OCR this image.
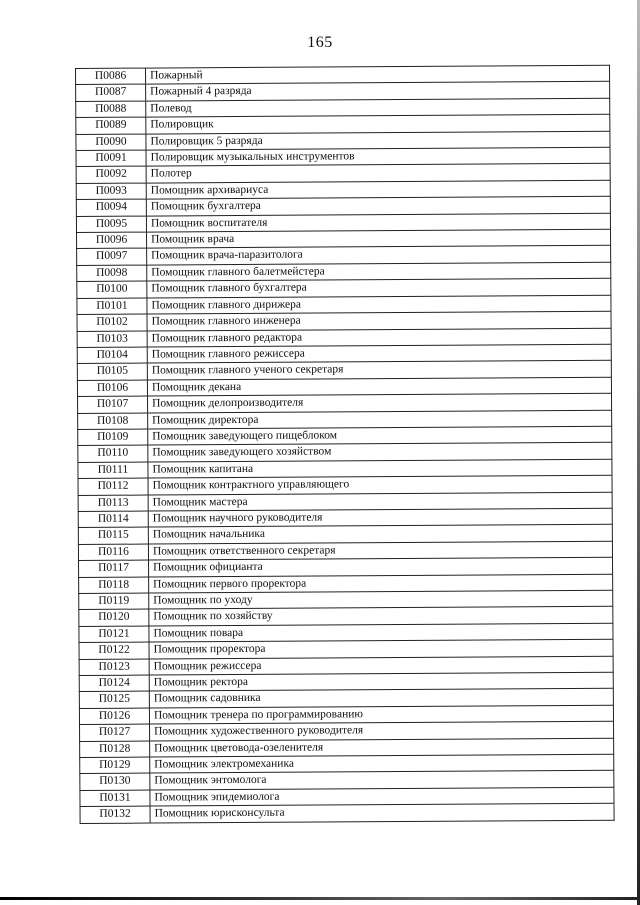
165
П0086	Пожарный
П0087	Пожарный 4 разряда
П0088	Полевод
П0089	Полировщик
П0090	Полировщик 5 разряда
П0091	Полировщик музыкальных инструментов
П0092	Полотер
П0093	Помощник архивариуса
П0094	Помощник бухгалтера
П0095	Помощник воспитателя
П0096	Помощник врача
П0097	Помощник врача-паразитолога
П0098	Помощник главного балетмейстера
П0100	Помощник главного бухгалтера
П0101	Помощник главного дирижера
П0102	Помощник главного инженера
П0103	Помощник главного редактора
П0104	Помощник главного режиссера
П0105	Помощник главного ученого секретаря
П0106	Помощник декана
П0107	Помощник делопроизводителя
П0108	Помощник директора
П0109	Помощник заведующего пищеблоком
П0110	Помощник заведующего хозяйством
П0111	Помощник капитана
П0112	Помощник контрактного управляющего
П0113	Помощник мастера
П0114	Помощник научного руководителя
П0115	Помощник начальника
П0116	Помощник ответственного секретаря
П0117	Помощник официанта
П0118	Помощник первого проректора
П0119	Помощник по уходу
П0120	Помощник по хозяйству
П0121	Помощник повара
П0122	Помощник проректора
П0123	Помощник режиссера
П0124	Помощник ректора
П0125	Помощник садовника
П0126	Помощник тренера по программированию
П0127	Помощник художественного руководителя
П0128	Помощник цветовода-озеленителя
П0129	Помощник электромеханика
П0130	Помощник энтомолога
П0131	Помощник эпидемиолога
П0132	Помощник юрисконсульта
